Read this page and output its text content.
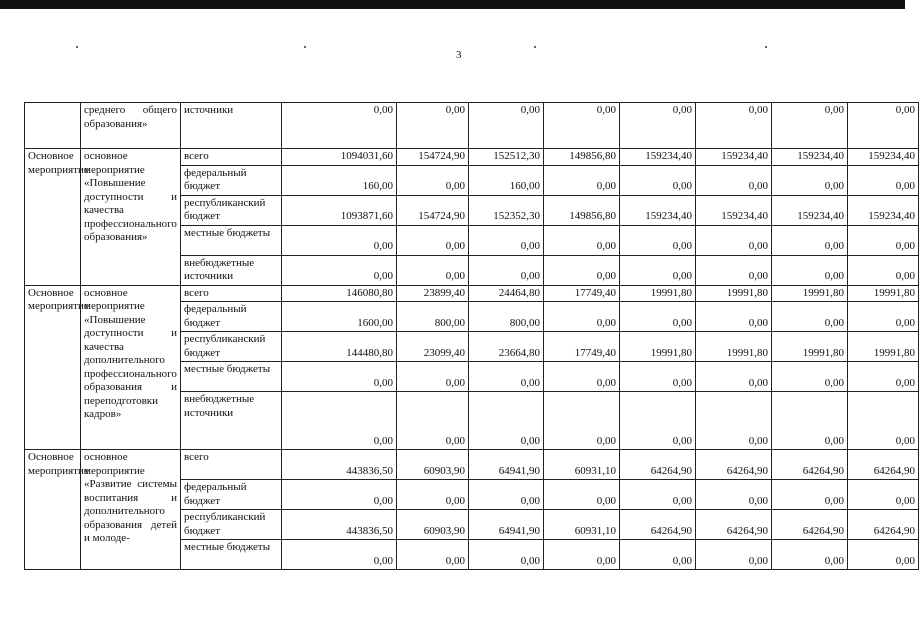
3
	среднего общего образования»	источники	0,00	0,00	0,00	0,00	0,00	0,00	0,00	0,00
Основное мероприятие	основное мероприятие «Повышение доступности и качества профессионального образования»	всего	1094031,60	154724,90	152512,30	149856,80	159234,40	159234,40	159234,40	159234,40
		федеральный бюджет	160,00	0,00	160,00	0,00	0,00	0,00	0,00	0,00
		республиканский бюджет	1093871,60	154724,90	152352,30	149856,80	159234,40	159234,40	159234,40	159234,40
		местные бюджеты	0,00	0,00	0,00	0,00	0,00	0,00	0,00	0,00
		внебюджетные источники	0,00	0,00	0,00	0,00	0,00	0,00	0,00	0,00
Основное мероприятие	основное мероприятие «Повышение доступности и качества дополнительного профессионального образования и переподготовки кадров»	всего	146080,80	23899,40	24464,80	17749,40	19991,80	19991,80	19991,80	19991,80
		федеральный бюджет	1600,00	800,00	800,00	0,00	0,00	0,00	0,00	0,00
		республиканский бюджет	144480,80	23099,40	23664,80	17749,40	19991,80	19991,80	19991,80	19991,80
		местные бюджеты	0,00	0,00	0,00	0,00	0,00	0,00	0,00	0,00
		внебюджетные источники	0,00	0,00	0,00	0,00	0,00	0,00	0,00	0,00
Основное мероприятие	основное мероприятие «Развитие системы воспитания и дополнительного образования детей и молоде-	всего	443836,50	60903,90	64941,90	60931,10	64264,90	64264,90	64264,90	64264,90
		федеральный бюджет	0,00	0,00	0,00	0,00	0,00	0,00	0,00	0,00
		республиканский бюджет	443836,50	60903,90	64941,90	60931,10	64264,90	64264,90	64264,90	64264,90
		местные бюджеты	0,00	0,00	0,00	0,00	0,00	0,00	0,00	0,00
